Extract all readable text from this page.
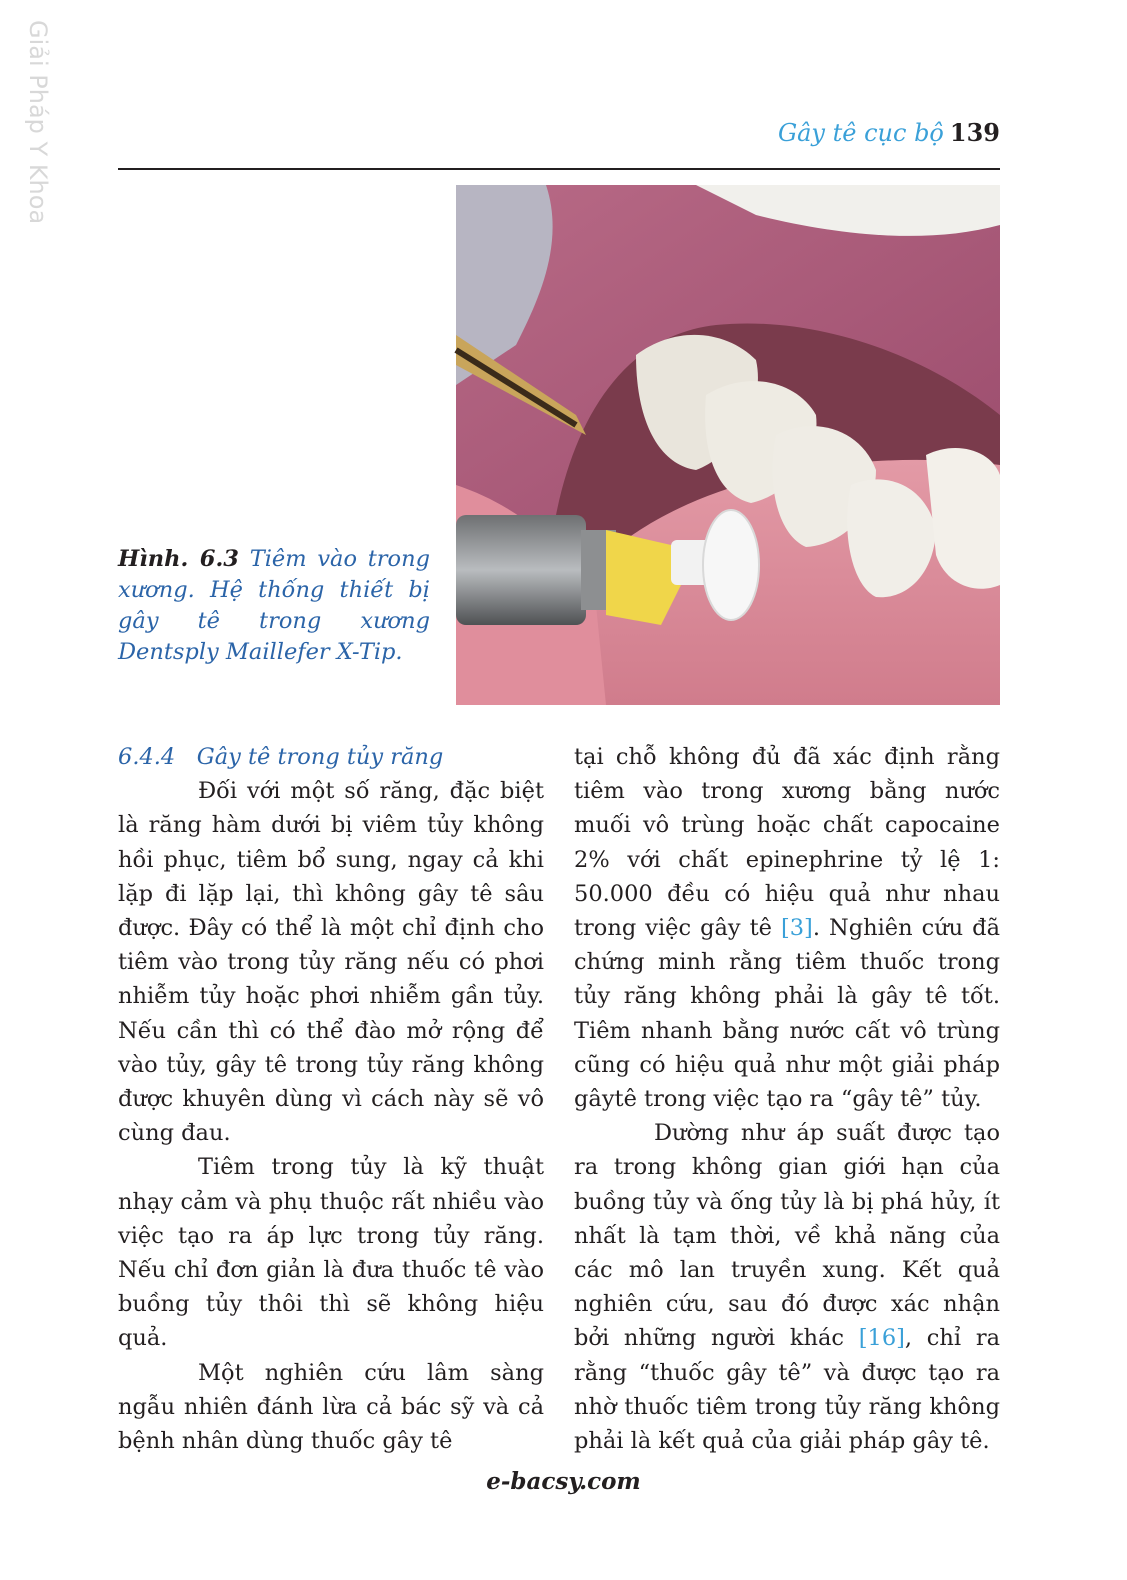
Giải Pháp Y Khoa	Gây tê cục bộ 139
Hình. 6.3 Tiêm vào trong xương. Hệ thống thiết bị gây tê trong xương Dentsply Maillefer X-Tip.
6.4.4 Gây tê trong tủy răng

Đối với một số răng, đặc biệt là răng hàm dưới bị viêm tủy không hồi phục, tiêm bổ sung, ngay cả khi lặp đi lặp lại, thì không gây tê sâu được. Đây có thể là một chỉ định cho tiêm vào trong tủy răng nếu có phơi nhiễm tủy hoặc phơi nhiễm gần tủy. Nếu cần thì có thể đào mở rộng để vào tủy, gây tê trong tủy răng không được khuyên dùng vì cách này sẽ vô cùng đau.

Tiêm trong tủy là kỹ thuật nhạy cảm và phụ thuộc rất nhiều vào việc tạo ra áp lực trong tủy răng. Nếu chỉ đơn giản là đưa thuốc tê vào buồng tủy thôi thì sẽ không hiệu quả.

Một nghiên cứu lâm sàng ngẫu nhiên đánh lừa cả bác sỹ và cả bệnh nhân dùng thuốc gây tê

tại chỗ không đủ đã xác định rằng tiêm vào trong xương bằng nước muối vô trùng hoặc chất capocaine 2% với chất epinephrine tỷ lệ 1: 50.000 đều có hiệu quả như nhau trong việc gây tê [3]. Nghiên cứu đã chứng minh rằng tiêm thuốc trong tủy răng không phải là gây tê tốt. Tiêm nhanh bằng nước cất vô trùng cũng có hiệu quả như một giải pháp gâytê trong việc tạo ra “gây tê” tủy.

Dường như áp suất được tạo ra trong không gian giới hạn của buồng tủy và ống tủy là bị phá hủy, ít nhất là tạm thời, về khả năng của các mô lan truyền xung. Kết quả nghiên cứu, sau đó được xác nhận bởi những người khác [16], chỉ ra rằng “thuốc gây tê” và được tạo ra nhờ thuốc tiêm trong tủy răng không phải là kết quả của giải pháp gây tê.

e-bacsy.com
